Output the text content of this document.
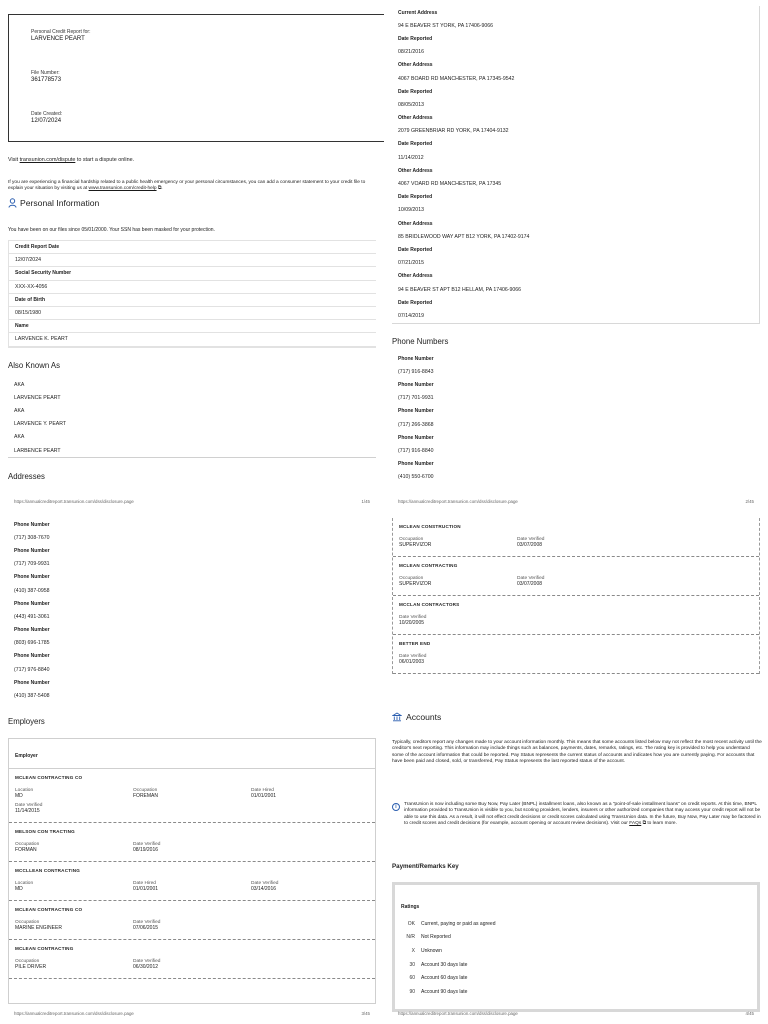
Personal Credit Report for:
LARVENCE PEART
File Number:
361778573
Date Created:
12/07/2024
Visit transunion.com/dispute to start a dispute online.
If you are experiencing a financial hardship related to a public health emergency or your personal circumstances, you can add a consumer statement to your credit file to explain your situation by visiting us at www.transunion.com/credit-help ⧉.
Personal Information
You have been on our files since 05/01/2000. Your SSN has been masked for your protection.
Credit Report Date
12/07/2024
Social Security Number
XXX-XX-4056
Date of Birth
08/15/1980
Name
LARVENCE K. PEART
Also Known As
AKA
LARVENCE PEART
AKA
LARVENCE Y. PEART
AKA
LARBENCE PEART
Addresses
https://annualcreditreport.transunion.com/dss/disclosure.page	1/45
Current Address
94 E BEAVER ST YORK, PA 17406-9066
Date Reported
08/21/2016
Other Address
4067 BOARD RD MANCHESTER, PA 17345-9542
Date Reported
08/05/2013
Other Address
2079 GREENBRIAR RD YORK, PA 17404-9132
Date Reported
11/14/2012
Other Address
4067 VOARD RD MANCHESTER, PA 17345
Date Reported
10/09/2013
Other Address
85 BRIDLEWOOD WAY APT B12 YORK, PA 17402-9174
Date Reported
07/21/2015
Other Address
94 E BEAVER ST APT B12 HELLAM, PA 17406-9066
Date Reported
07/14/2019
Phone Numbers
Phone Number
(717) 916-8843
Phone Number
(717) 701-9931
Phone Number
(717) 266-3868
Phone Number
(717) 916-8840
Phone Number
(410) 550-6700
https://annualcreditreport.transunion.com/dss/disclosure.page	2/45
Phone Number
(717) 308-7670
Phone Number
(717) 709-9931
Phone Number
(410) 387-0958
Phone Number
(443) 491-3061
Phone Number
(803) 696-1785
Phone Number
(717) 976-8840
Phone Number
(410) 387-5408
Employers
Employer
MCLEAN CONTRACTING CO
Location
MD
Occupation
FOREMAN
Date Hired
01/01/2001
Date Verified
11/14/2015
MELSON CON TRACTING
Occupation
FORMAN
Date Verified
08/19/2016
MCCLLEAN CONTRACTING
Location
MD
Date Hired
01/01/2001
Date Verified
03/14/2016
MCLEAN CONTRACTING CO
Occupation
MARINE ENGINEER
Date Verified
07/06/2015
MCLEAN CONTRACTING
Occupation
PILE DRIVER
Date Verified
06/30/2012
https://annualcreditreport.transunion.com/dss/disclosure.page	3/45
MCLEAN CONSTRUCTION
Occupation
SUPERVIZOR
Date Verified
03/07/2008
MCLEAN CONTRACTING
Occupation
SUPERVIZOR
Date Verified
03/07/2008
MCCLAN CONTRACTORS
Date Verified
10/20/2005
BETTER END
Date Verified
06/01/2003
Accounts
Typically, creditors report any changes made to your account information monthly. This means that some accounts listed below may not reflect the most recent activity until the creditor's next reporting. This information may include things such as balances, payments, dates, remarks, ratings, etc. The rating key is provided to help you understand some of the account information that could be reported. Pay Status represents the current status of accounts and indicates how you are currently paying. For accounts that have been paid and closed, sold, or transferred, Pay Status represents the last reported status of the account.
i	TransUnion is now including some Buy Now, Pay Later (BNPL) installment loans, also known as a "point-of-sale installment loans" on credit reports. At this time, BNPL information provided to TransUnion is visible to you, but scoring providers, lenders, insurers or other authorized companies that may access your credit report will not be able to use this data. As a result, it will not effect credit decisions or credit scores calculated using TransUnion data. In the future, Buy Now, Pay Later may be factored in to credit scores and credit decisions (for example, account opening or account review decisions). Visit our FAQs ⧉ to learn more.
Payment/Remarks Key
Ratings
OK Current, paying or paid as agreed
N/R Not Reported
X Unknown
30 Account 30 days late
60 Account 60 days late
90 Account 90 days late
https://annualcreditreport.transunion.com/dss/disclosure.page	4/45
